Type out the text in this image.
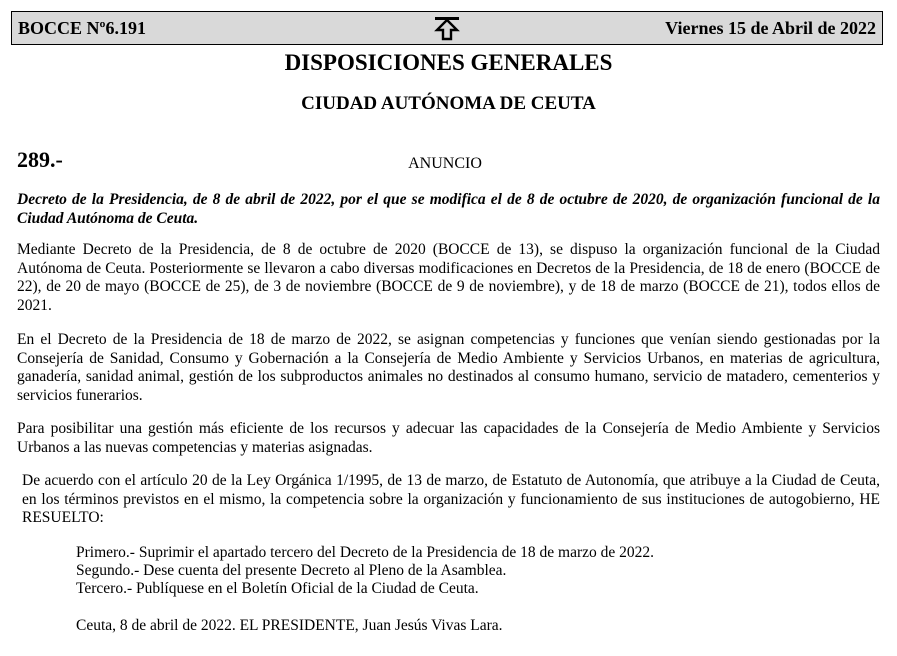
BOCCE Nº6.191	Viernes 15 de Abril de 2022
DISPOSICIONES GENERALES
CIUDAD AUTÓNOMA DE CEUTA
289.-	ANUNCIO

Decreto de la Presidencia, de 8 de abril de 2022, por el que se modifica el de 8 de octubre de 2020, de organización funcional de la Ciudad Autónoma de Ceuta.

Mediante Decreto de la Presidencia, de 8 de octubre de 2020 (BOCCE de 13), se dispuso la organización funcional de la Ciudad Autónoma de Ceuta. Posteriormente se llevaron a cabo diversas modificaciones en Decretos de la Presidencia, de 18 de enero (BOCCE de 22), de 20 de mayo (BOCCE de 25), de 3 de noviembre (BOCCE de 9 de noviembre), y de 18 de marzo (BOCCE de 21), todos ellos de 2021.

En el Decreto de la Presidencia de 18 de marzo de 2022, se asignan competencias y funciones que venían siendo gestionadas por la Consejería de Sanidad, Consumo y Gobernación a la Consejería de Medio Ambiente y Servicios Urbanos, en materias de agricultura, ganadería, sanidad animal, gestión de los subproductos animales no destinados al consumo humano, servicio de matadero, cementerios y servicios funerarios.

Para posibilitar una gestión más eficiente de los recursos y adecuar las capacidades de la Consejería de Medio Ambiente y Servicios Urbanos a las nuevas competencias y materias asignadas.

De acuerdo con el artículo 20 de la Ley Orgánica 1/1995, de 13 de marzo, de Estatuto de Autonomía, que atribuye a la Ciudad de Ceuta, en los términos previstos en el mismo, la competencia sobre la organización y funcionamiento de sus instituciones de autogobierno, HE RESUELTO:

Primero.- Suprimir el apartado tercero del Decreto de la Presidencia de 18 de marzo de 2022.

Segundo.- Dese cuenta del presente Decreto al Pleno de la Asamblea.

Tercero.- Publíquese en el Boletín Oficial de la Ciudad de Ceuta.

Ceuta, 8 de abril de 2022. EL PRESIDENTE, Juan Jesús Vivas Lara.
